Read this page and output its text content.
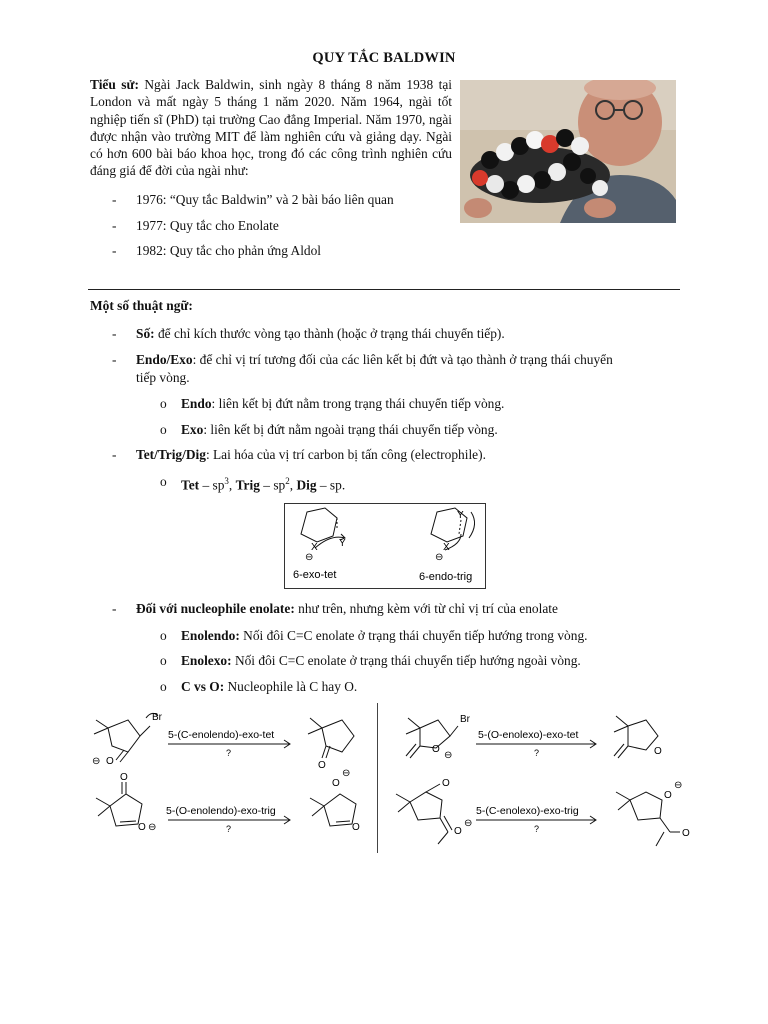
QUY TẮC BALDWIN
Tiểu sử: Ngài Jack Baldwin, sinh ngày 8 tháng 8 năm 1938 tại London và mất ngày 5 tháng 1 năm 2020. Năm 1964, ngài tốt nghiệp tiến sĩ (PhD) tại trường Cao đẳng Imperial. Năm 1970, ngài được nhận vào trường MIT để làm nghiên cứu và giảng dạy. Ngài có hơn 600 bài báo khoa học, trong đó các công trình nghiên cứu đáng giá để đời của ngài như:
- 1976: “Quy tắc Baldwin” và 2 bài báo liên quan
- 1977: Quy tắc cho Enolate
- 1982: Quy tắc cho phản ứng Aldol
Một số thuật ngữ:
- Số: để chỉ kích thước vòng tạo thành (hoặc ở trạng thái chuyển tiếp).
- Endo/Exo: để chỉ vị trí tương đối của các liên kết bị đứt và tạo thành ở trạng thái chuyển
tiếp vòng.
o Endo: liên kết bị đứt nằm trong trạng thái chuyển tiếp vòng.
o Exo: liên kết bị đứt nằm ngoài trạng thái chuyển tiếp vòng.
- Tet/Trig/Dig: Lai hóa của vị trí carbon bị tấn công (electrophile).
o Tet – $sp^3$, Trig – $sp^2$, Dig – sp.
X Y
⊖
6-exo-tet
Y
X
⊖
6-endo-trig
- Đối với nucleophile enolate: như trên, nhưng kèm với từ chỉ vị trí của enolate
o Enolendo: Nối đôi C=C enolate ở trạng thái chuyển tiếp hướng trong vòng.
o Enolexo: Nối đôi C=C enolate ở trạng thái chuyển tiếp hướng ngoài vòng.
o C vs O: Nucleophile là C hay O.
5-(C-enolendo)-exo-tet
?
5-(O-enolexo)-exo-tet
?
5-(O-enolendo)-exo-trig
?
5-(C-enolexo)-exo-trig
?
Br	Br
⊖ O	O
O
⊖	O
O
O ⊖
O
⊖
O
O
O
⊖
O
⊖
O
